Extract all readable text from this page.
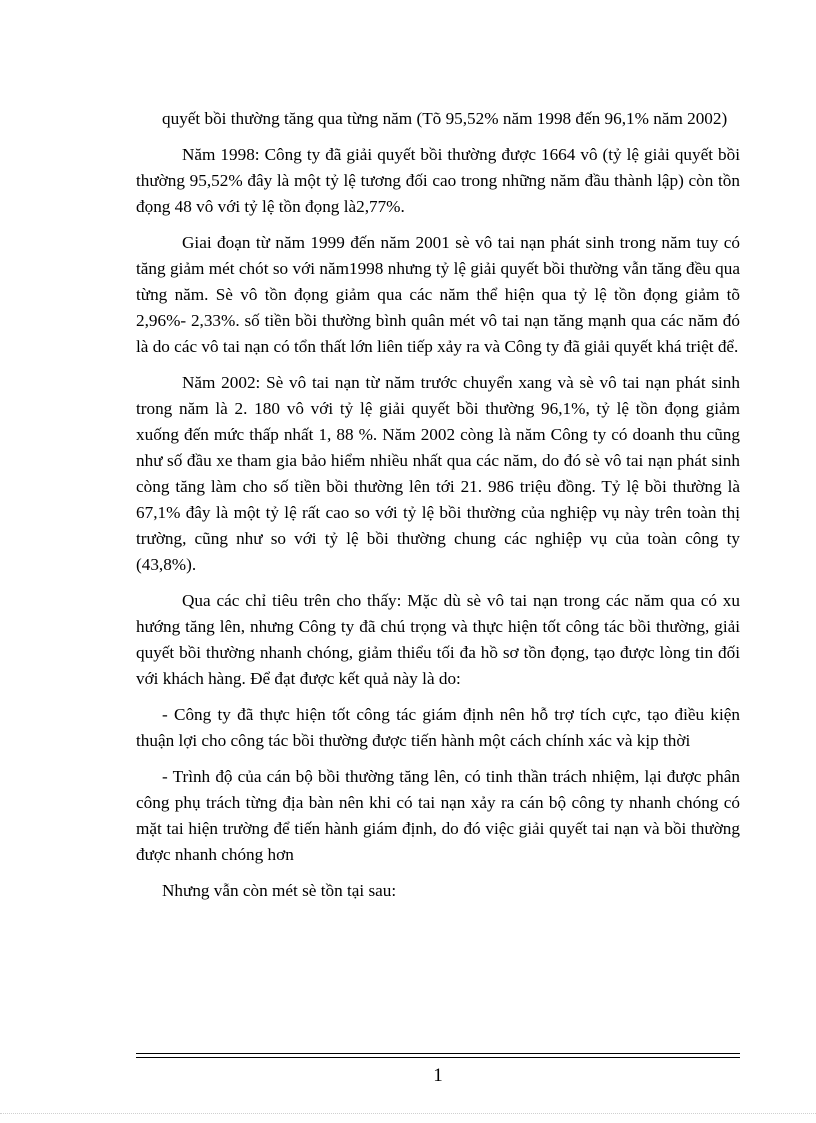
quyết bồi thường tăng qua từng năm (Tõ 95,52% năm 1998 đến 96,1% năm 2002)

Năm 1998: Công ty đã giải quyết bồi thường được 1664 vô (tỷ lệ giải quyết bồi thường 95,52% đây là một tỷ lệ tương đối cao trong những năm đầu thành lập) còn tồn đọng 48 vô với tỷ lệ tồn đọng là2,77%.

Giai đoạn từ năm 1999 đến năm 2001 sè vô tai nạn phát sinh trong năm tuy có tăng giảm mét chót so với năm1998 nhưng tỷ lệ giải quyết bồi thường vẫn tăng đều qua từng năm. Sè vô tồn đọng giảm qua các năm thể hiện qua tỷ lệ tồn đọng giảm tõ 2,96%- 2,33%. số tiền bồi thường bình quân mét vô tai nạn tăng mạnh qua các năm đó là do các vô tai nạn có tổn thất lớn liên tiếp xảy ra và Công ty đã giải quyết khá triệt để.

Năm 2002: Sè vô tai nạn từ năm trước chuyển xang và sè vô tai nạn phát sinh trong năm là 2. 180 vô với tỷ lệ giải quyết bồi thường 96,1%, tỷ lệ tồn đọng giảm xuống đến mức thấp nhất 1, 88 %. Năm 2002 còng là năm Công ty có doanh thu cũng như số đầu xe tham gia bảo hiểm nhiều nhất qua các năm, do đó sè vô tai nạn phát sinh còng tăng làm cho số tiền bồi thường lên tới 21. 986 triệu đồng. Tỷ lệ bồi thường là 67,1% đây là một tỷ lệ rất cao so với tỷ lệ bồi thường của nghiệp vụ này trên toàn thị trường, cũng như so với tỷ lệ bồi thường chung các nghiệp vụ của toàn công ty (43,8%).

Qua các chỉ tiêu trên cho thấy: Mặc dù sè vô tai nạn trong các năm qua có xu hướng tăng lên, nhưng Công ty đã chú trọng và thực hiện tốt công tác bồi thường, giải quyết bồi thường nhanh chóng, giảm thiểu tối đa hồ sơ tồn đọng, tạo được lòng tin đối với khách hàng. Để đạt được kết quả này là do:

- Công ty đã thực hiện tốt công tác giám định nên hỗ trợ tích cực, tạo điều kiện thuận lợi cho công tác bồi thường được tiến hành một cách chính xác và kịp thời

- Trình độ của cán bộ bồi thường tăng lên, có tinh thần trách nhiệm, lại được phân công phụ trách từng địa bàn nên khi có tai nạn xảy ra cán bộ công ty nhanh chóng có mặt tai hiện trường để tiến hành giám định, do đó việc giải quyết tai nạn và bồi thường được nhanh chóng hơn

Nhưng vẫn còn mét sè tồn tại sau:

1
